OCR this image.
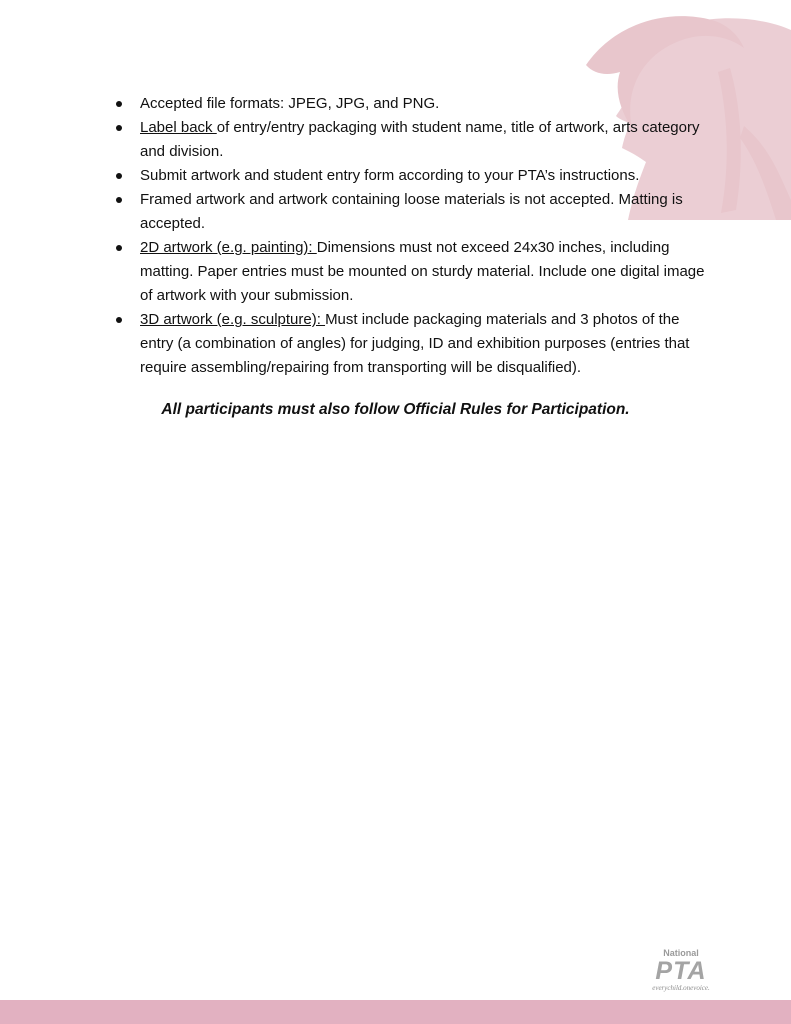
Accepted file formats: JPEG, JPG, and PNG.
Label back of entry/entry packaging with student name, title of artwork, arts category and division.
Submit artwork and student entry form according to your PTA’s instructions.
Framed artwork and artwork containing loose materials is not accepted. Matting is accepted.
2D artwork (e.g. painting): Dimensions must not exceed 24x30 inches, including matting. Paper entries must be mounted on sturdy material. Include one digital image of artwork with your submission.
3D artwork (e.g. sculpture): Must include packaging materials and 3 photos of the entry (a combination of angles) for judging, ID and exhibition purposes (entries that require assembling/repairing from transporting will be disqualified).
All participants must also follow Official Rules for Participation.
National
PTA
everychild.onevoice.
